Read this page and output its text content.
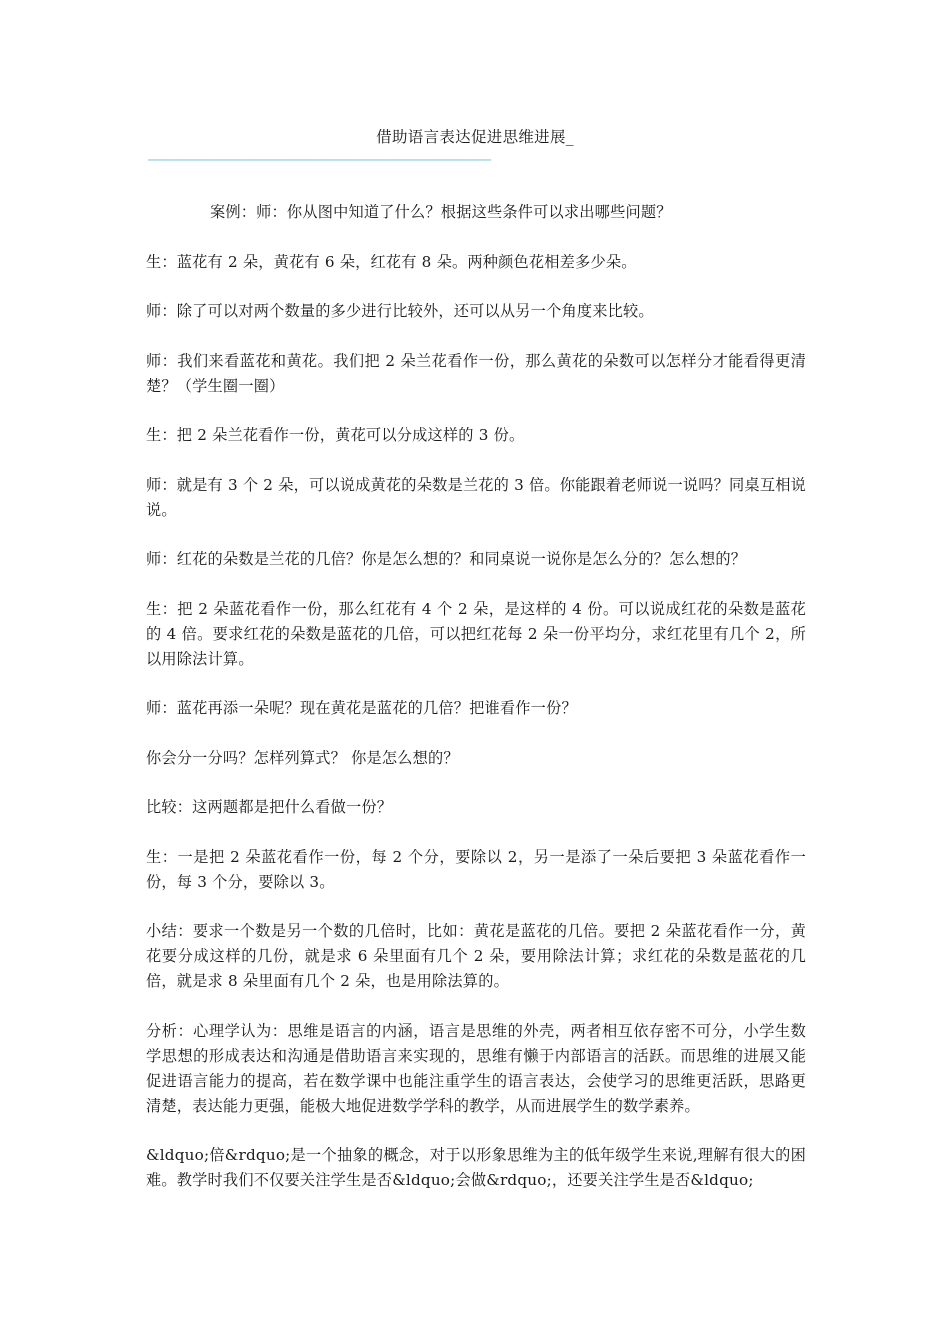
借助语言表达促进思维进展_
——————————————————————————————————————

案例：师：你从图中知道了什么？根据这些条件可以求出哪些问题？

生：蓝花有 2 朵，黄花有 6 朵，红花有 8 朵。两种颜色花相差多少朵。

师：除了可以对两个数量的多少进行比较外，还可以从另一个角度来比较。

师：我们来看蓝花和黄花。我们把 2 朵兰花看作一份，那么黄花的朵数可以怎样分才能看得更清楚？（学生圈一圈）

生：把 2 朵兰花看作一份，黄花可以分成这样的 3 份。

师：就是有 3 个 2 朵，可以说成黄花的朵数是兰花的 3 倍。你能跟着老师说一说吗？同桌互相说说。

师：红花的朵数是兰花的几倍？你是怎么想的？和同桌说一说你是怎么分的？怎么想的？

生：把 2 朵蓝花看作一份，那么红花有 4 个 2 朵，是这样的 4 份。可以说成红花的朵数是蓝花的 4 倍。要求红花的朵数是蓝花的几倍，可以把红花每 2 朵一份平均分，求红花里有几个 2，所以用除法计算。

师：蓝花再添一朵呢？现在黄花是蓝花的几倍？把谁看作一份？

你会分一分吗？怎样列算式？ 你是怎么想的？

比较：这两题都是把什么看做一份？

生：一是把 2 朵蓝花看作一份，每 2 个分，要除以 2，另一是添了一朵后要把 3 朵蓝花看作一份，每 3 个分，要除以 3。

小结：要求一个数是另一个数的几倍时，比如：黄花是蓝花的几倍。要把 2 朵蓝花看作一分，黄花要分成这样的几份，就是求 6 朵里面有几个 2 朵，要用除法计算；求红花的朵数是蓝花的几倍，就是求 8 朵里面有几个 2 朵，也是用除法算的。

分析：心理学认为：思维是语言的内涵，语言是思维的外壳，两者相互依存密不可分，小学生数学思想的形成表达和沟通是借助语言来实现的，思维有懒于内部语言的活跃。而思维的进展又能促进语言能力的提高，若在数学课中也能注重学生的语言表达，会使学习的思维更活跃，思路更清楚，表达能力更强，能极大地促进数学学科的教学，从而进展学生的数学素养。

&ldquo;倍&rdquo;是一个抽象的概念，对于以形象思维为主的低年级学生来说,理解有很大的困难。教学时我们不仅要关注学生是否&ldquo;会做&rdquo;，还要关注学生是否&ldquo;
